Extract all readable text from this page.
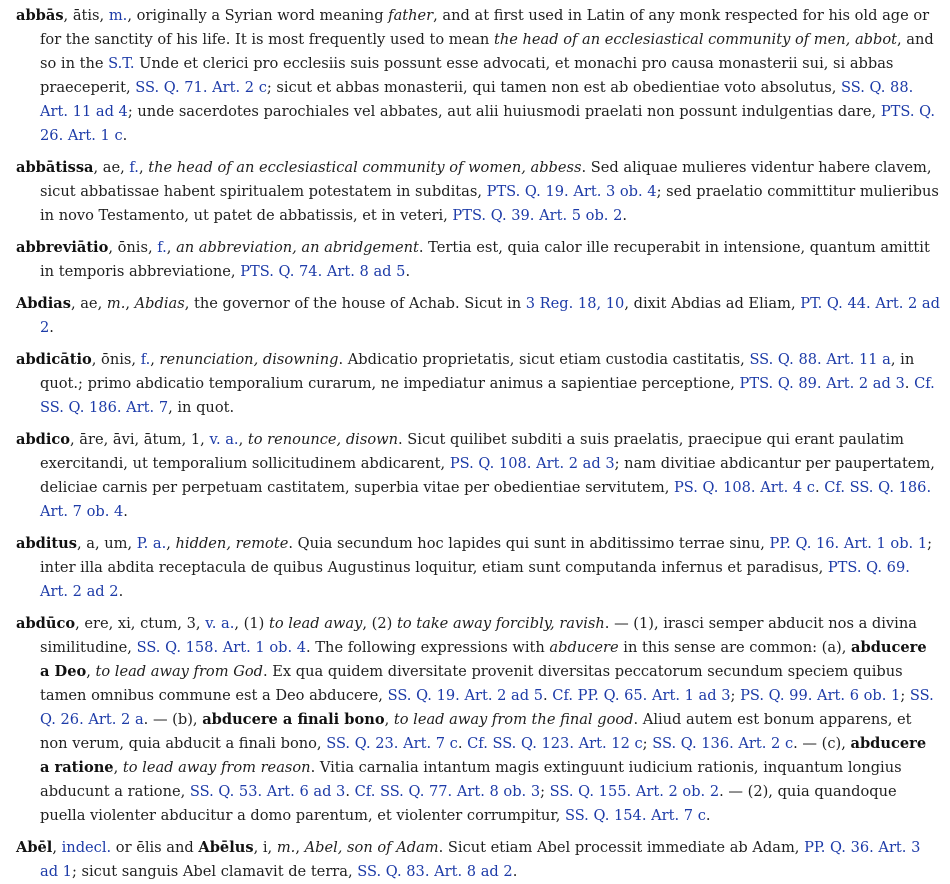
abbās, ātis, m., originally a Syrian word meaning father, and at first used in Latin of any monk respected for his old age or for the sanctity of his life. It is most frequently used to mean the head of an ecclesiastical community of men, abbot, and so in the S.T. Unde et clerici pro ecclesiis suis possunt esse advocati, et monachi pro causa monasterii sui, si abbas praeceperit, SS. Q. 71. Art. 2 c; sicut et abbas monasterii, qui tamen non est ab obedientiae voto absolutus, SS. Q. 88. Art. 11 ad 4; unde sacerdotes parochiales vel abbates, aut alii huiusmodi praelati non possunt indulgentias dare, PTS. Q. 26. Art. 1 c.

abbātissa, ae, f., the head of an ecclesiastical community of women, abbess. Sed aliquae mulieres videntur habere clavem, sicut abbatissae habent spiritualem potestatem in subditas, PTS. Q. 19. Art. 3 ob. 4; sed praelatio committitur mulieribus in novo Testamento, ut patet de abbatissis, et in veteri, PTS. Q. 39. Art. 5 ob. 2.

abbreviātio, ōnis, f., an abbreviation, an abridgement. Tertia est, quia calor ille recuperabit in intensione, quantum amittit in temporis abbreviatione, PTS. Q. 74. Art. 8 ad 5.

Abdias, ae, m., Abdias, the governor of the house of Achab. Sicut in 3 Reg. 18, 10, dixit Abdias ad Eliam, PT. Q. 44. Art. 2 ad 2.

abdicātio, ōnis, f., renunciation, disowning. Abdicatio proprietatis, sicut etiam custodia castitatis, SS. Q. 88. Art. 11 a, in quot.; primo abdicatio temporalium curarum, ne impediatur animus a sapientiae perceptione, PTS. Q. 89. Art. 2 ad 3. Cf. SS. Q. 186. Art. 7, in quot.

abdico, āre, āvi, ātum, 1, v. a., to renounce, disown. Sicut quilibet subditi a suis praelatis, praecipue qui erant paulatim exercitandi, ut temporalium sollicitudinem abdicarent, PS. Q. 108. Art. 2 ad 3; nam divitiae abdicantur per paupertatem, deliciae carnis per perpetuam castitatem, superbia vitae per obedientiae servitutem, PS. Q. 108. Art. 4 c. Cf. SS. Q. 186. Art. 7 ob. 4.

abditus, a, um, P. a., hidden, remote. Quia secundum hoc lapides qui sunt in abditissimo terrae sinu, PP. Q. 16. Art. 1 ob. 1; inter illa abdita receptacula de quibus Augustinus loquitur, etiam sunt computanda infernus et paradisus, PTS. Q. 69. Art. 2 ad 2.

abdūco, ere, xi, ctum, 3, v. a., (1) to lead away, (2) to take away forcibly, ravish. — (1), irasci semper abducit nos a divina similitudine, SS. Q. 158. Art. 1 ob. 4. The following expressions with abducere in this sense are common: (a), abducere a Deo, to lead away from God. Ex qua quidem diversitate provenit diversitas peccatorum secundum speciem quibus tamen omnibus commune est a Deo abducere, SS. Q. 19. Art. 2 ad 5. Cf. PP. Q. 65. Art. 1 ad 3; PS. Q. 99. Art. 6 ob. 1; SS. Q. 26. Art. 2 a. — (b), abducere a finali bono, to lead away from the final good. Aliud autem est bonum apparens, et non verum, quia abducit a finali bono, SS. Q. 23. Art. 7 c. Cf. SS. Q. 123. Art. 12 c; SS. Q. 136. Art. 2 c. — (c), abducere a ratione, to lead away from reason. Vitia carnalia intantum magis extinguunt iudicium rationis, inquantum longius abducunt a ratione, SS. Q. 53. Art. 6 ad 3. Cf. SS. Q. 77. Art. 8 ob. 3; SS. Q. 155. Art. 2 ob. 2. — (2), quia quandoque puella violenter abducitur a domo parentum, et violenter corrumpitur, SS. Q. 154. Art. 7 c.

Abēl, indecl. or ēlis and Abēlus, i, m., Abel, son of Adam. Sicut etiam Abel processit immediate ab Adam, PP. Q. 36. Art. 3 ad 1; sicut sanguis Abel clamavit de terra, SS. Q. 83. Art. 8 ad 2.
